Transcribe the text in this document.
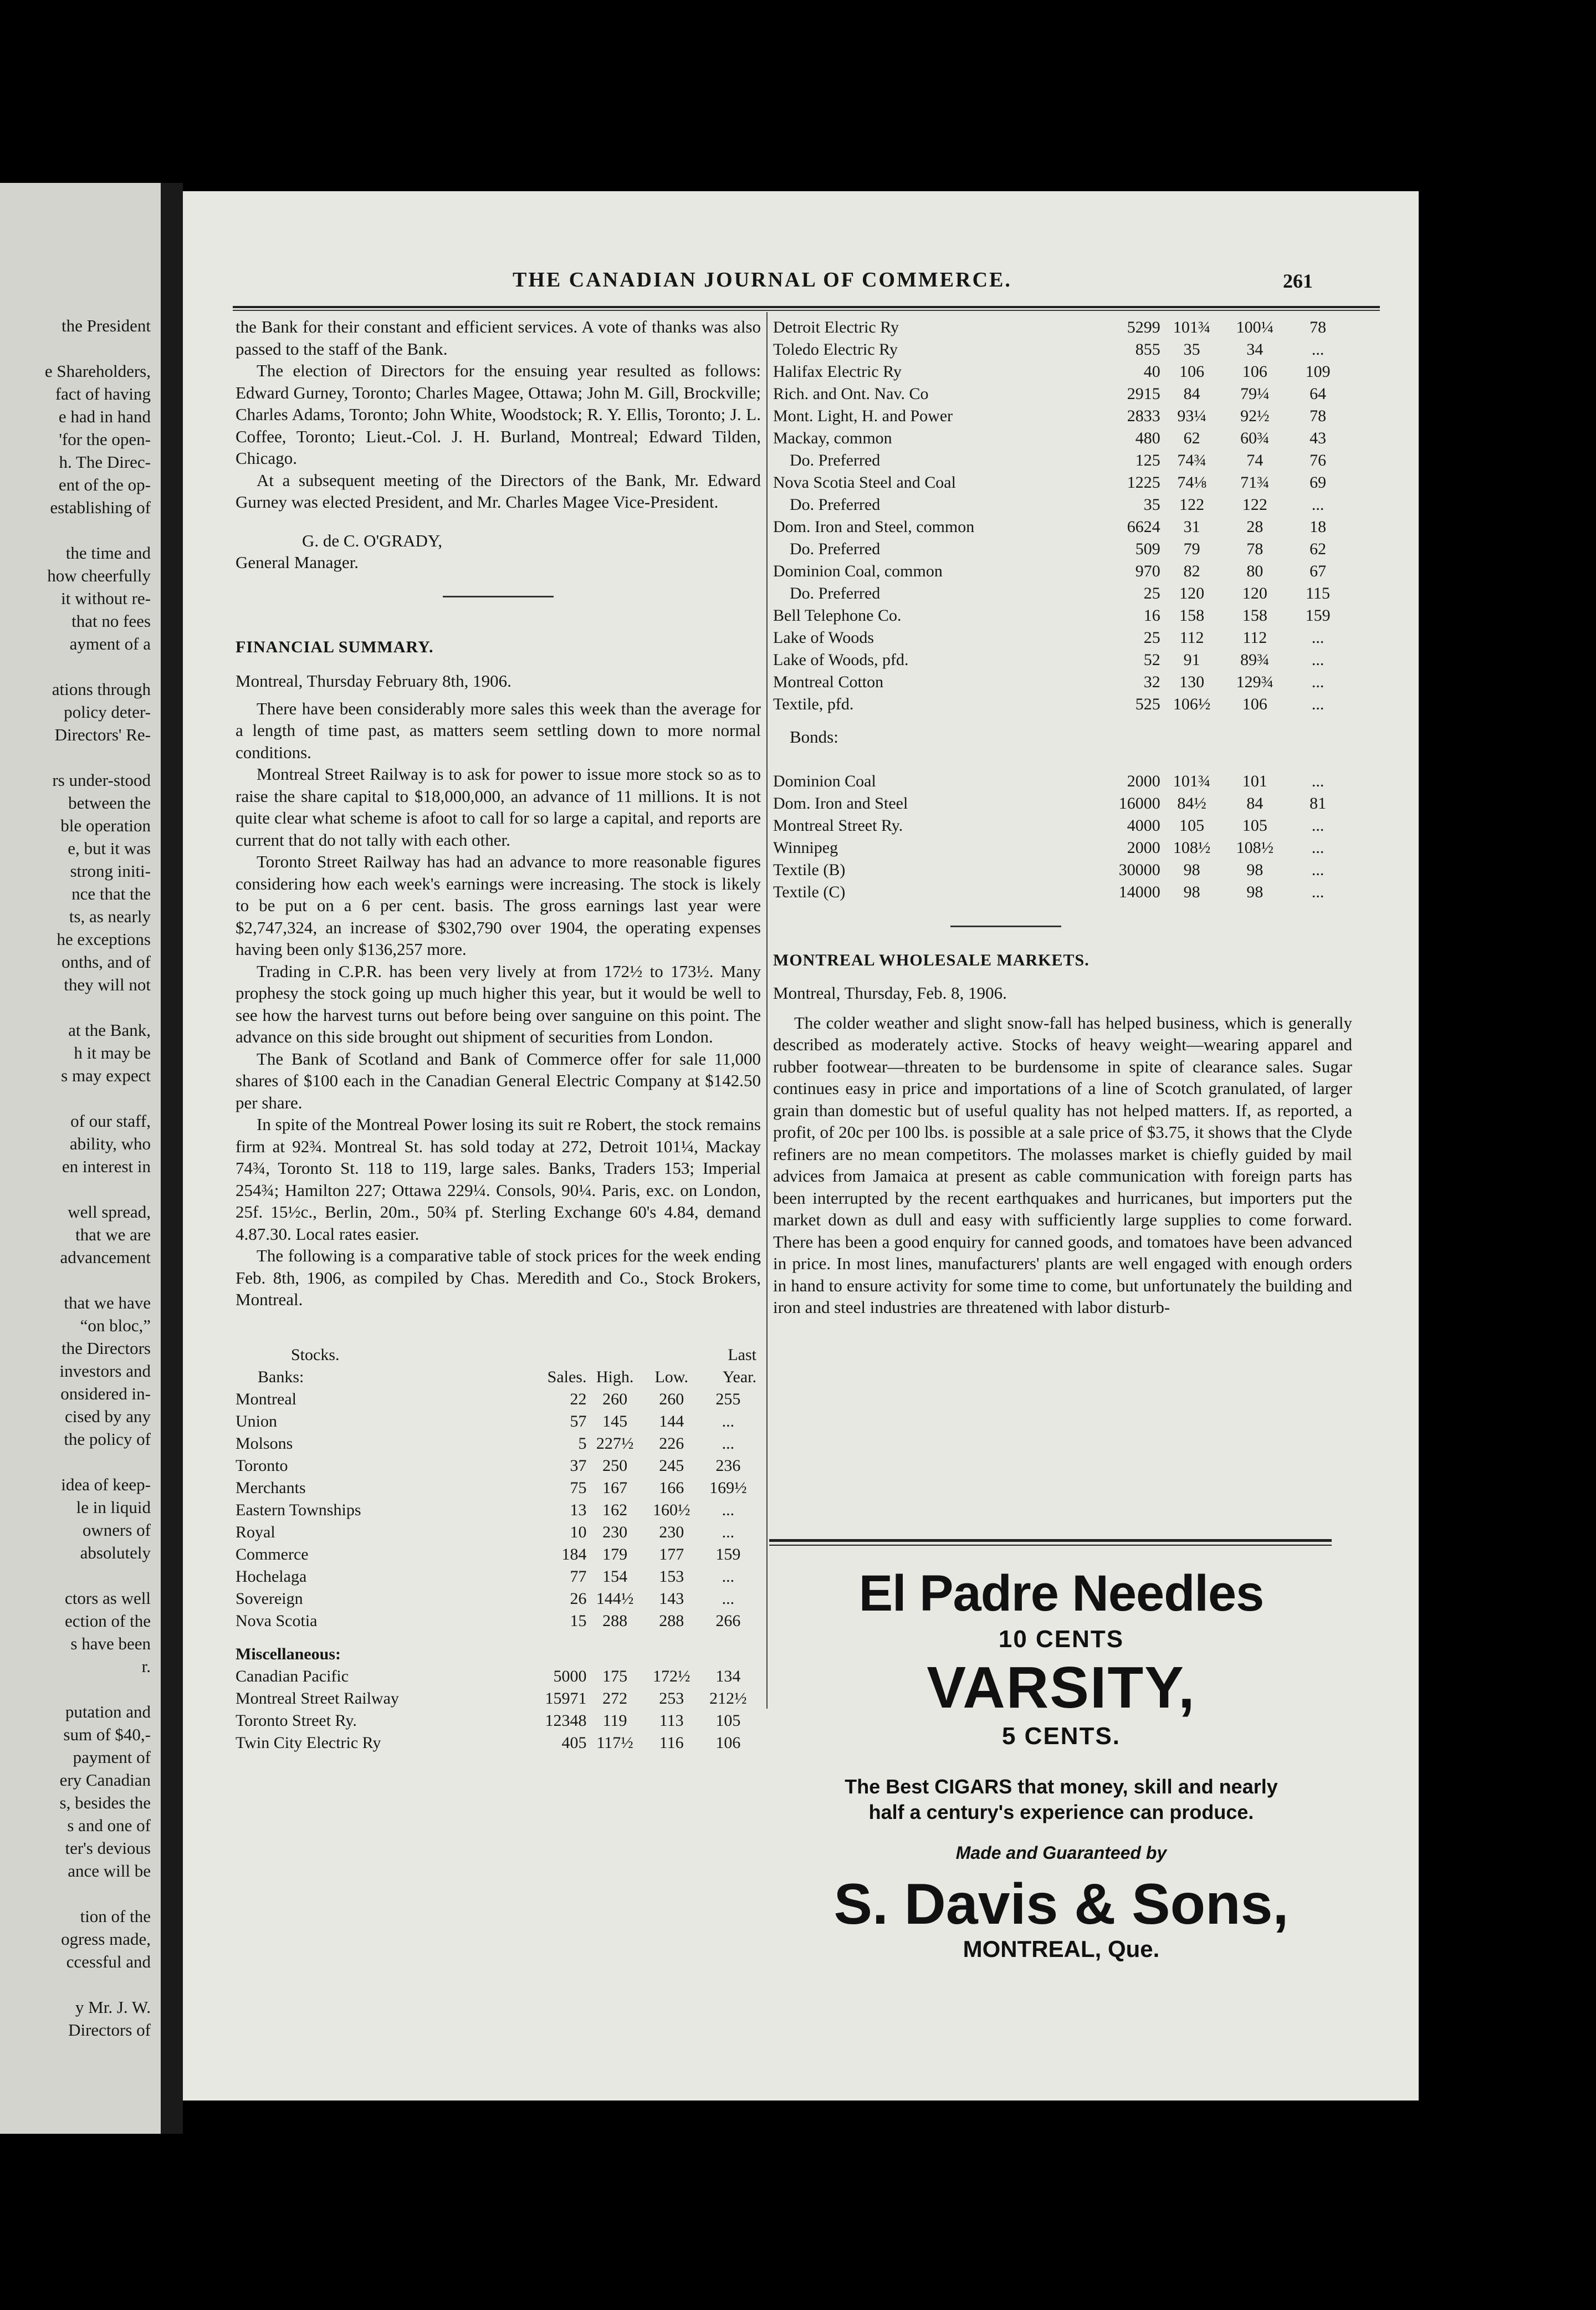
the President
e Shareholders,
fact of having
e had in hand
'for the open-
h. The Direc-
ent of the op-
establishing of
the time and
how cheerfully
it without re-
that no fees
ayment of a
ations through
policy deter-
Directors' Re-
rs under-stood
between the
ble operation
e, but it was
strong initi-
nce that the
ts, as nearly
he exceptions
onths, and of
they will not
at the Bank,
h it may be
s may expect
of our staff,
ability, who
en interest in
well spread,
that we are
advancement
that we have
“on bloc,”
the Directors
investors and
onsidered in-
cised by any
the policy of
idea of keep-
le in liquid
owners of
absolutely
ctors as well
ection of the
s have been
r.
putation and
sum of $40,-
payment of
ery Canadian
s, besides the
s and one of
ter's devious
ance will be
tion of the
ogress made,
ccessful and
y Mr. J. W.
Directors of
THE CANADIAN JOURNAL OF COMMERCE.	261

the Bank for their constant and efficient services. A vote of thanks was also passed to the staff of the Bank.

The election of Directors for the ensuing year resulted as follows: Edward Gurney, Toronto; Charles Magee, Ottawa; John M. Gill, Brockville; Charles Adams, Toronto; John White, Woodstock; R. Y. Ellis, Toronto; J. L. Coffee, Toronto; Lieut.-Col. J. H. Burland, Montreal; Edward Tilden, Chicago.

At a subsequent meeting of the Directors of the Bank, Mr. Edward Gurney was elected President, and Mr. Charles Magee Vice-President.

G. de C. O'GRADY,

General Manager.

FINANCIAL SUMMARY.

Montreal, Thursday February 8th, 1906.

There have been considerably more sales this week than the average for a length of time past, as matters seem settling down to more normal conditions.

Montreal Street Railway is to ask for power to issue more stock so as to raise the share capital to $18,000,000, an advance of 11 millions. It is not quite clear what scheme is afoot to call for so large a capital, and reports are current that do not tally with each other.

Toronto Street Railway has had an advance to more reasonable figures considering how each week's earnings were increasing. The stock is likely to be put on a 6 per cent. basis. The gross earnings last year were $2,747,324, an increase of $302,790 over 1904, the operating expenses having been only $136,257 more.

Trading in C.P.R. has been very lively at from 172½ to 173½. Many prophesy the stock going up much higher this year, but it would be well to see how the harvest turns out before being over sanguine on this point. The advance on this side brought out shipment of securities from London.

The Bank of Scotland and Bank of Commerce offer for sale 11,000 shares of $100 each in the Canadian General Electric Company at $142.50 per share.

In spite of the Montreal Power losing its suit re Robert, the stock remains firm at 92¾. Montreal St. has sold today at 272, Detroit 101¼, Mackay 74¾, Toronto St. 118 to 119, large sales. Banks, Traders 153; Imperial 254¾; Hamilton 227; Ottawa 229¼. Consols, 90¼. Paris, exc. on London, 25f. 15½c., Berlin, 20m., 50¾ pf. Sterling Exchange 60's 4.84, demand 4.87.30. Local rates easier.

The following is a comparative table of stock prices for the week ending Feb. 8th, 1906, as compiled by Chas. Meredith and Co., Stock Brokers, Montreal.

Stocks.				Last
Banks:	Sales.	High.	Low.	Year.
Montreal	22	260	260	255
Union	57	145	144	...
Molsons	5	227½	226	...
Toronto	37	250	245	236
Merchants	75	167	166	169½
Eastern Townships	13	162	160½	...
Royal	10	230	230	...
Commerce	184	179	177	159
Hochelaga	77	154	153	...
Sovereign	26	144½	143	...
Nova Scotia	15	288	288	266
Miscellaneous:				
Canadian Pacific	5000	175	172½	134
Montreal Street Railway	15971	272	253	212½
Toronto Street Ry.	12348	119	113	105
Twin City Electric Ry	405	117½	116	106
Detroit Electric Ry	5299	101¾	100¼	78
Toledo Electric Ry	855	35	34	...
Halifax Electric Ry	40	106	106	109
Rich. and Ont. Nav. Co	2915	84	79¼	64
Mont. Light, H. and Power	2833	93¼	92½	78
Mackay, common	480	62	60¾	43
Do. Preferred	125	74¾	74	76
Nova Scotia Steel and Coal	1225	74⅛	71¾	69
Do. Preferred	35	122	122	...
Dom. Iron and Steel, common	6624	31	28	18
Do. Preferred	509	79	78	62
Dominion Coal, common	970	82	80	67
Do. Preferred	25	120	120	115
Bell Telephone Co.	16	158	158	159
Lake of Woods	25	112	112	...
Lake of Woods, pfd.	52	91	89¾	...
Montreal Cotton	32	130	129¾	...
Textile, pfd.	525	106½	106	...

Bonds:

Dominion Coal	2000	101¾	101	...
Dom. Iron and Steel	16000	84½	84	81
Montreal Street Ry.	4000	105	105	...
Winnipeg	2000	108½	108½	...
Textile (B)	30000	98	98	...
Textile (C)	14000	98	98	...

MONTREAL WHOLESALE MARKETS.

Montreal, Thursday, Feb. 8, 1906.

The colder weather and slight snow-fall has helped business, which is generally described as moderately active. Stocks of heavy weight—wearing apparel and rubber footwear—threaten to be burdensome in spite of clearance sales. Sugar continues easy in price and importations of a line of Scotch granulated, of larger grain than domestic but of useful quality has not helped matters. If, as reported, a profit, of 20c per 100 lbs. is possible at a sale price of $3.75, it shows that the Clyde refiners are no mean competitors. The molasses market is chiefly guided by mail advices from Jamaica at present as cable communication with foreign parts has been interrupted by the recent earthquakes and hurricanes, but importers put the market down as dull and easy with sufficiently large supplies to come forward. There has been a good enquiry for canned goods, and tomatoes have been advanced in price. In most lines, manufacturers' plants are well engaged with enough orders in hand to ensure activity for some time to come, but unfortunately the building and iron and steel industries are threatened with labor disturb-

El Padre Needles
10 CENTS
VARSITY,
5 CENTS.
The Best CIGARS that money, skill and nearly
half a century's experience can produce.
Made and Guaranteed by
S. Davis & Sons,
MONTREAL, Que.
